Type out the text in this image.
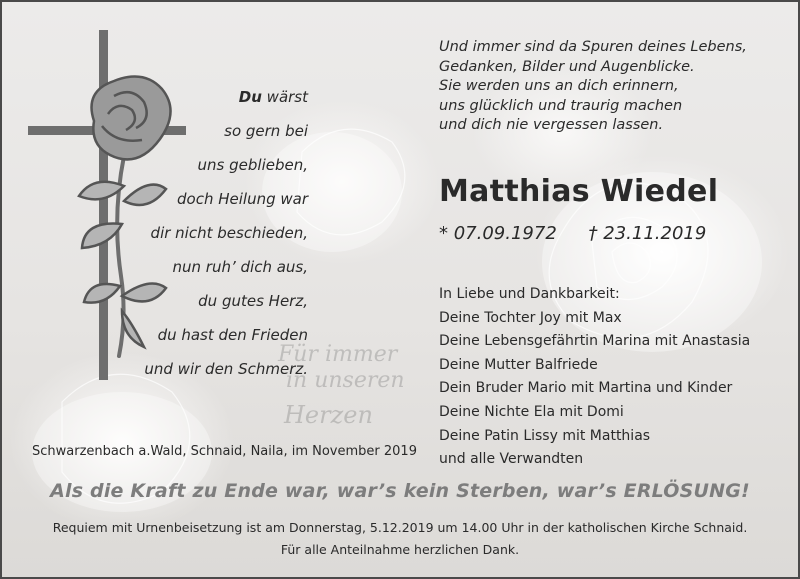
Für immer
in unseren
Herzen
Du wärst
so gern bei
uns geblieben,
doch Heilung war
dir nicht beschieden,
nun ruh’ dich aus,
du gutes Herz,
du hast den Frieden
und wir den Schmerz.
Und immer sind da Spuren deines Lebens,
Gedanken, Bilder und Augenblicke.
Sie werden uns an dich erinnern,
uns glücklich und traurig machen
und dich nie vergessen lassen.
Matthias Wiedel
* 07.09.1972 † 23.11.2019
In Liebe und Dankbarkeit:
Deine Tochter Joy mit Max
Deine Lebensgefährtin Marina mit Anastasia
Deine Mutter Balfriede
Dein Bruder Mario mit Martina und Kinder
Deine Nichte Ela mit Domi
Deine Patin Lissy mit Matthias
und alle Verwandten
Schwarzenbach a.Wald, Schnaid, Naila, im November 2019
Als die Kraft zu Ende war, war’s kein Sterben, war’s ERLÖSUNG!
Requiem mit Urnenbeisetzung ist am Donnerstag, 5.12.2019 um 14.00 Uhr in der katholischen Kirche Schnaid.
Für alle Anteilnahme herzlichen Dank.
